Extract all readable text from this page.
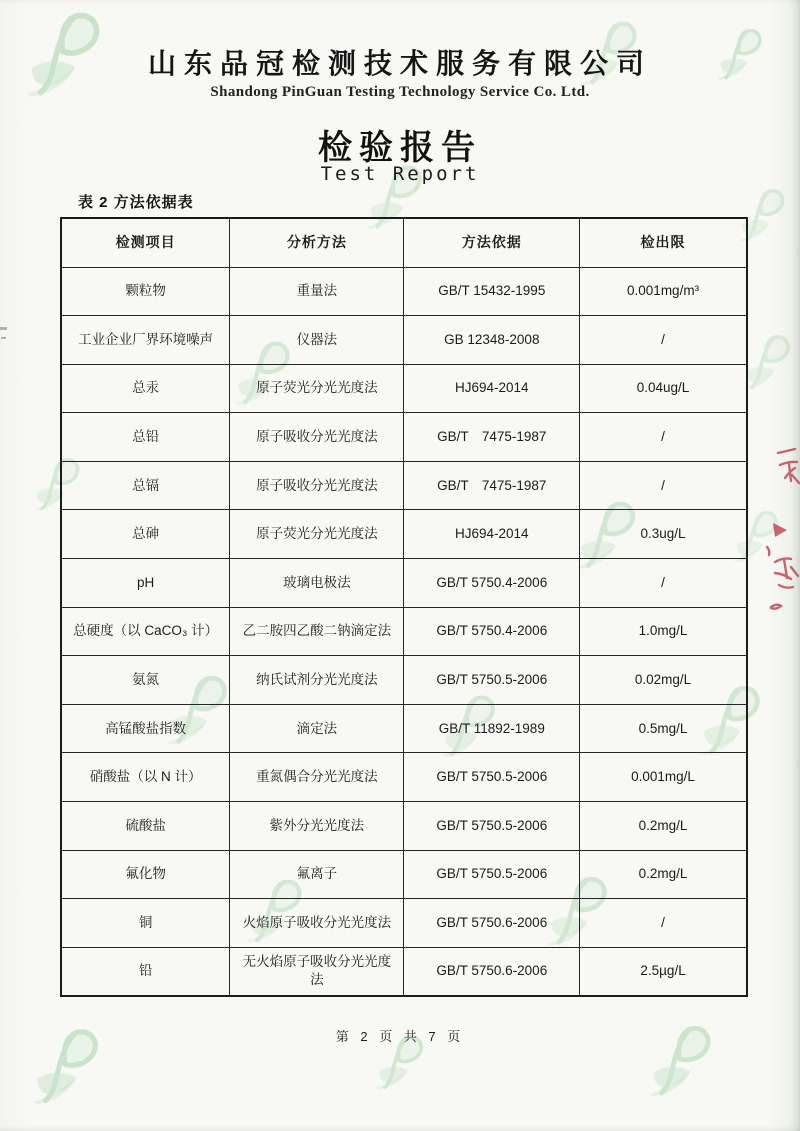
山东品冠检测技术服务有限公司
Shandong PinGuan Testing Technology Service Co. Ltd.
检验报告
Test Report
表 2 方法依据表
检测项目	分析方法	方法依据	检出限
颗粒物	重量法	GB/T 15432-1995	0.001mg/m³
工业企业厂界环境噪声	仪器法	GB 12348-2008	/
总汞	原子荧光分光光度法	HJ694-2014	0.04ug/L
总铅	原子吸收分光光度法	GB/T　7475-1987	/
总镉	原子吸收分光光度法	GB/T　7475-1987	/
总砷	原子荧光分光光度法	HJ694-2014	0.3ug/L
pH	玻璃电极法	GB/T 5750.4-2006	/
总硬度（以 CaCO₃ 计）	乙二胺四乙酸二钠滴定法	GB/T 5750.4-2006	1.0mg/L
氨氮	纳氏试剂分光光度法	GB/T 5750.5-2006	0.02mg/L
高锰酸盐指数	滴定法	GB/T 11892-1989	0.5mg/L
硝酸盐（以 N 计）	重氮偶合分光光度法	GB/T 5750.5-2006	0.001mg/L
硫酸盐	紫外分光光度法	GB/T 5750.5-2006	0.2mg/L
氟化物	氟离子	GB/T 5750.5-2006	0.2mg/L
铜	火焰原子吸收分光光度法	GB/T 5750.6-2006	/
铅	无火焰原子吸收分光光度法	GB/T 5750.6-2006	2.5µg/L
第 2 页 共 7 页
